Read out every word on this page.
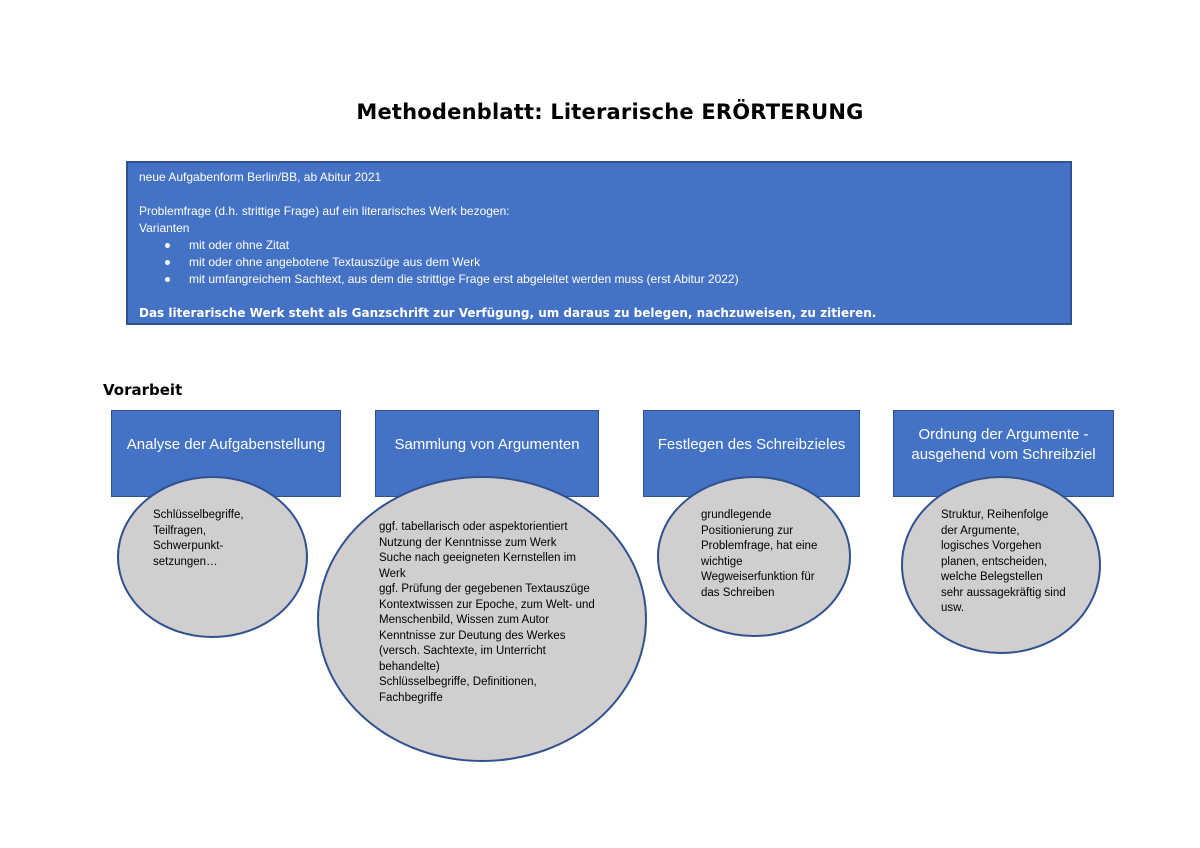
Methodenblatt: Literarische ERÖRTERUNG
neue Aufgabenform Berlin/BB, ab Abitur 2021
Problemfrage (d.h. strittige Frage) auf ein literarisches Werk bezogen:
Varianten
mit oder ohne Zitat
mit oder ohne angebotene Textauszüge aus dem Werk
mit umfangreichem Sachtext, aus dem die strittige Frage erst abgeleitet werden muss (erst Abitur 2022)
Das literarische Werk steht als Ganzschrift zur Verfügung, um daraus zu belegen, nachzuweisen, zu zitieren.
Vorarbeit
Analyse der Aufgabenstellung
Schlüsselbegriffe,
Teilfragen,
Schwerpunkt-
setzungen…
Sammlung von Argumenten
ggf. tabellarisch oder aspektorientiert
Nutzung der Kenntnisse zum Werk
Suche nach geeigneten Kernstellen im
Werk
ggf. Prüfung der gegebenen Textauszüge
Kontextwissen zur Epoche, zum Welt- und
Menschenbild, Wissen zum Autor
Kenntnisse zur Deutung des Werkes
(versch. Sachtexte, im Unterricht
behandelte)
Schlüsselbegriffe, Definitionen,
Fachbegriffe
Festlegen des Schreibzieles
grundlegende
Positionierung zur
Problemfrage, hat eine
wichtige
Wegweiserfunktion für
das Schreiben
Ordnung der Argumente -
ausgehend vom Schreibziel
Struktur, Reihenfolge
der Argumente,
logisches Vorgehen
planen, entscheiden,
welche Belegstellen
sehr aussagekräftig sind
usw.
